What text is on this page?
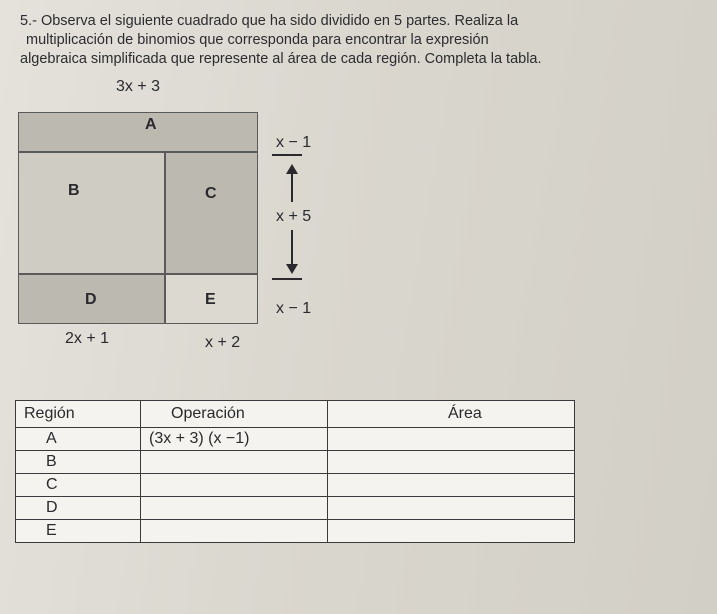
5.- Observa el siguiente cuadrado que ha sido dividido en 5 partes. Realiza la
multiplicación de binomios que corresponda para encontrar la expresión
algebraica simplificada que represente al área de cada región. Completa la tabla.

3x + 3
A
B	C
D	E
x − 1
x + 5
x − 1
2x + 1	x + 2
Región	Operación	Área
A	(3x + 3) (x −1)	
B		
C		
D		
E		
